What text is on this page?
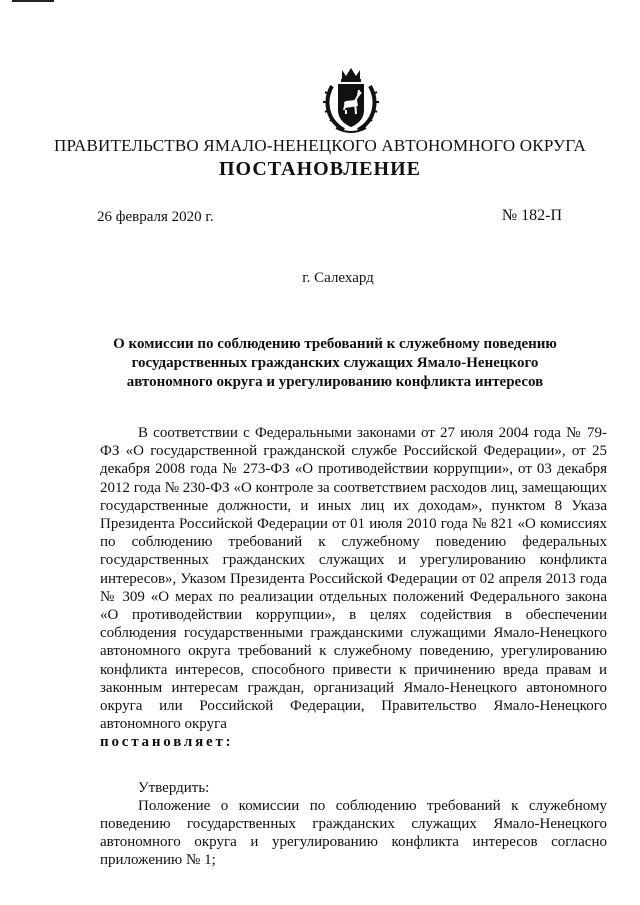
ПРАВИТЕЛЬСТВО ЯМАЛО-НЕНЕЦКОГО АВТОНОМНОГО ОКРУГА
ПОСТАНОВЛЕНИЕ
26 февраля 2020 г.	№ 182-П
г. Салехард
О комиссии по соблюдению требований к служебному поведению государственных гражданских служащих Ямало-Ненецкого автономного округа и урегулированию конфликта интересов

В соответствии с Федеральными законами от 27 июля 2004 года № 79-ФЗ «О государственной гражданской службе Российской Федерации», от 25 декабря 2008 года № 273-ФЗ «О противодействии коррупции», от 03 декабря 2012 года № 230-ФЗ «О контроле за соответствием расходов лиц, замещающих государственные должности, и иных лиц их доходам», пунктом 8 Указа Президента Российской Федерации от 01 июля 2010 года № 821 «О комиссиях по соблюдению требований к служебному поведению федеральных государственных гражданских служащих и урегулированию конфликта интересов», Указом Президента Российской Федерации от 02 апреля 2013 года № 309 «О мерах по реализации отдельных положений Федерального закона «О противодействии коррупции», в целях содействия в обеспечении соблюдения государственными гражданскими служащими Ямало-Ненецкого автономного округа требований к служебному поведению, урегулированию конфликта интересов, способного привести к причинению вреда правам и законным интересам граждан, организаций Ямало-Ненецкого автономного округа или Российской Федерации, Правительство Ямало-Ненецкого автономного округа

постановляет:

Утвердить:

Положение о комиссии по соблюдению требований к служебному поведению государственных гражданских служащих Ямало-Ненецкого автономного округа и урегулированию конфликта интересов согласно приложению № 1;
